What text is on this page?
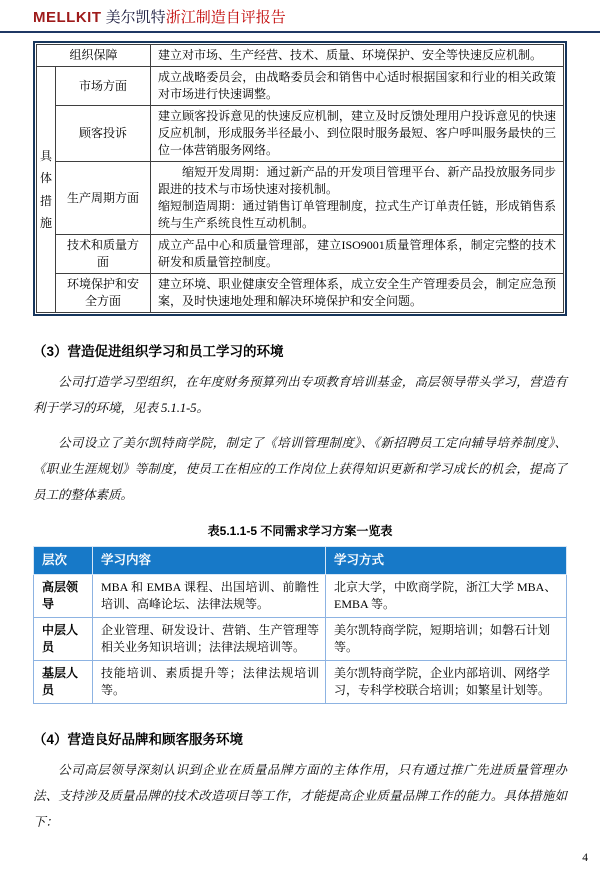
MELLKIT 美尔凯特浙江制造自评报告
组织保障		建立对市场、生产经营、技术、质量、环境保护、安全等快速反应机制。
具体措施	市场方面	成立战略委员会，由战略委员会和销售中心适时根据国家和行业的相关政策对市场进行快速调整。
	顾客投诉	建立顾客投诉意见的快速反应机制，建立及时反馈处理用户投诉意见的快速反应机制，形成服务半径最小、到位限时服务最短、客户呼叫服务最快的三位一体营销服务网络。
	生产周期方面	缩短开发周期：通过新产品的开发项目管理平台、新产品投放服务同步跟进的技术与市场快速对接机制。
缩短制造周期：通过销售订单管理制度，拉式生产订单责任链，形成销售系统与生产系统良性互动机制。

	技术和质量方面	成立产品中心和质量管理部，建立ISO9001质量管理体系，制定完整的技术研发和质量管控制度。
	环境保护和安全方面	建立环境、职业健康安全管理体系，成立安全生产管理委员会，制定应急预案，及时快速地处理和解决环境保护和安全问题。
（3）营造促进组织学习和员工学习的环境

公司打造学习型组织，在年度财务预算列出专项教育培训基金，高层领导带头学习，营造有利于学习的环境，见表 5.1.1-5。

公司设立了美尔凯特商学院，制定了《培训管理制度》、《新招聘员工定向辅导培养制度》、《职业生涯规划》等制度，使员工在相应的工作岗位上获得知识更新和学习成长的机会，提高了员工的整体素质。

表5.1.1-5 不同需求学习方案一览表
层次	学习内容	学习方式
高层领导	MBA 和 EMBA 课程、出国培训、前瞻性培训、高峰论坛、法律法规等。	北京大学，中欧商学院，浙江大学 MBA、EMBA 等。
中层人员	企业管理、研发设计、营销、生产管理等相关业务知识培训；法律法规培训等。	美尔凯特商学院，短期培训；如磐石计划等。
基层人员	技能培训、素质提升等；法律法规培训等。	美尔凯特商学院，企业内部培训、网络学习，专科学校联合培训；如繁星计划等。
（4）营造良好品牌和顾客服务环境

公司高层领导深刻认识到企业在质量品牌方面的主体作用，只有通过推广先进质量管理办法、支持涉及质量品牌的技术改造项目等工作，才能提高企业质量品牌工作的能力。具体措施如下：

4
